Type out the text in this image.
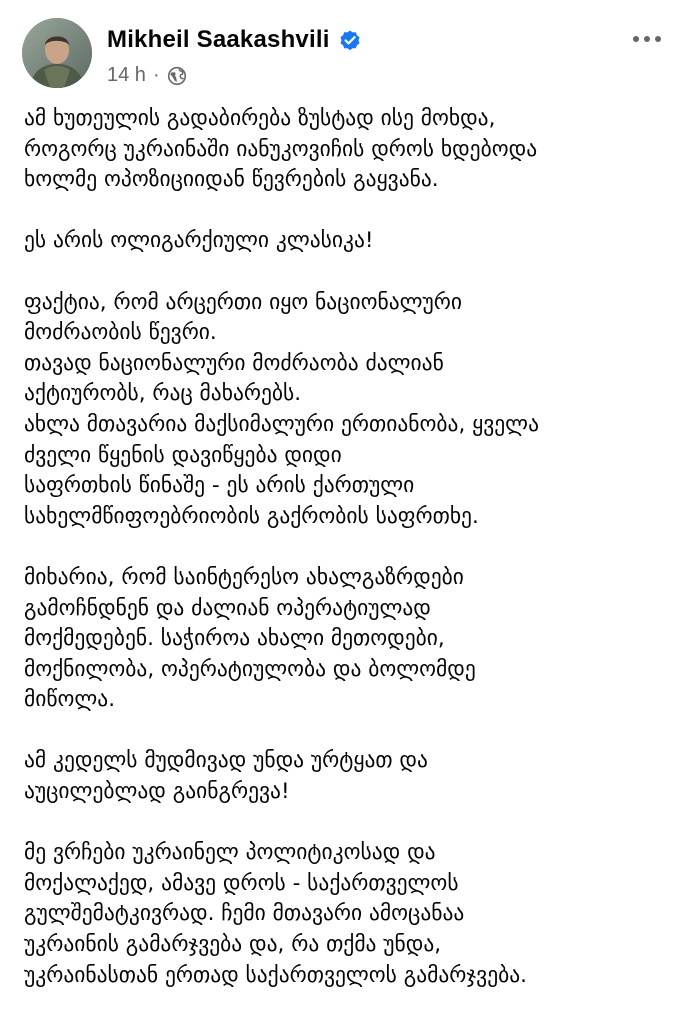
Mikheil Saakashvili
14 h ·
ამ ხუთეულის გადაბირება ზუსტად ისე მოხდა,
როგორც უკრაინაში იანუკოვიჩის დროს ხდებოდა
ხოლმე ოპოზიციიდან წევრების გაყვანა.
ეს არის ოლიგარქიული კლასიკა!
ფაქტია, რომ არცერთი იყო ნაციონალური
მოძრაობის წევრი.
თავად ნაციონალური მოძრაობა ძალიან
აქტიურობს, რაც მახარებს.
ახლა მთავარია მაქსიმალური ერთიანობა, ყველა
ძველი წყენის დავიწყება დიდი
საფრთხის წინაშე - ეს არის ქართული
სახელმწიფოებრიობის გაქრობის საფრთხე.
მიხარია, რომ საინტერესო ახალგაზრდები
გამოჩნდნენ და ძალიან ოპერატიულად
მოქმედებენ. საჭიროა ახალი მეთოდები,
მოქნილობა, ოპერატიულობა და ბოლომდე
მიწოლა.
ამ კედელს მუდმივად უნდა ურტყათ და
აუცილებლად გაინგრევა!
მე ვრჩები უკრაინელ პოლიტიკოსად და
მოქალაქედ, ამავე დროს - საქართველოს
გულშემატკივრად. ჩემი მთავარი ამოცანაა
უკრაინის გამარჯვება და, რა თქმა უნდა,
უკრაინასთან ერთად საქართველოს გამარჯვება.
